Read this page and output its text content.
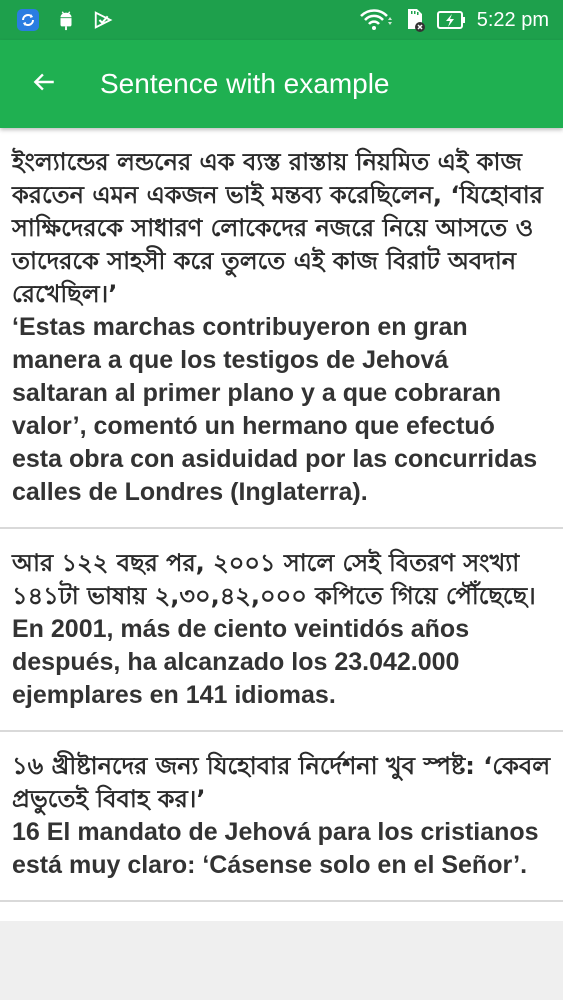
5:22 pm
Sentence with example
ইংল্যান্ডের লন্ডনের এক ব্যস্ত রাস্তায় নিয়মিত এই কাজ করতেন এমন একজন ভাই মন্তব্য করেছিলেন, ‘যিহোবার সাক্ষিদেরকে সাধারণ লোকেদের নজরে নিয়ে আসতে ও তাদেরকে সাহসী করে তুলতে এই কাজ বিরাট অবদান রেখেছিল।’
‘Estas marchas contribuyeron en gran manera a que los testigos de Jehová saltaran al primer plano y a que cobraran valor’, comentó un hermano que efectuó esta obra con asiduidad por las concurridas calles de Londres (Inglaterra).
আর ১২২ বছর পর, ২০০১ সালে সেই বিতরণ সংখ্যা ১৪১টা ভাষায় ২,৩০,৪২,০০০ কপিতে গিয়ে পৌঁছেছে।
En 2001, más de ciento veintidós años después, ha alcanzado los 23.042.000 ejemplares en 141 idiomas.
১৬ খ্রীষ্টানদের জন্য যিহোবার নির্দেশনা খুব স্পষ্ট: ‘কেবল প্রভুতেই বিবাহ কর।’
16 El mandato de Jehová para los cristianos está muy claro: ‘Cásense solo en el Señor’.
